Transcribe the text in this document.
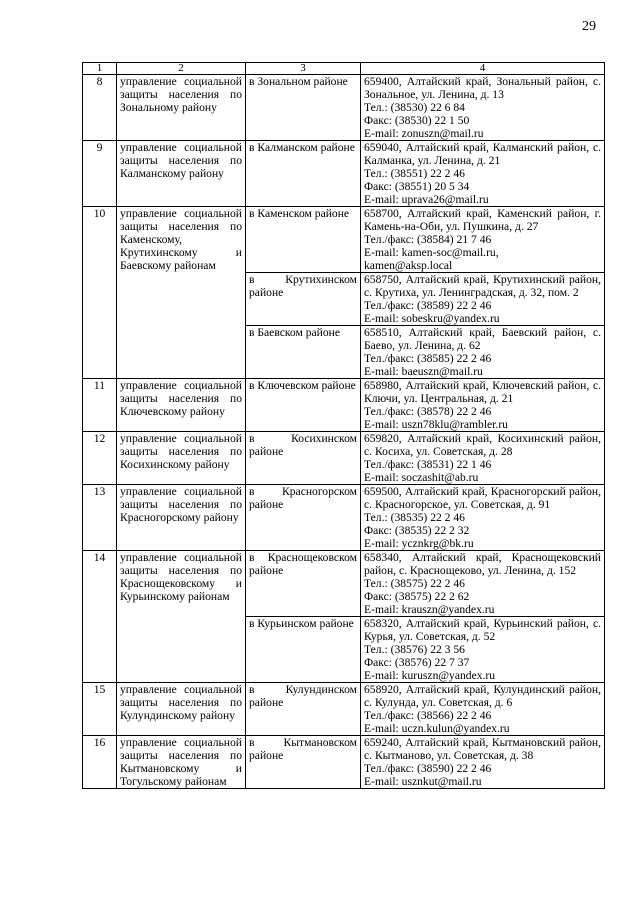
29
1	2	3	4
8	управление социальной защиты населения по Зональному району	в Зональном районе	659400, Алтайский край, Зональный район, с. Зональное, ул. Ленина, д. 13
Тел.: (38530) 22 6 84
Факс: (38530) 22 1 50
E-mail: zonuszn@mail.ru

9	управление социальной защиты населения по Калманскому району	в Калманском районе	659040, Алтайский край, Калманский район, с. Калманка, ул. Ленина, д. 21
Тел.: (38551) 22 2 46
Факс: (38551) 20 5 34
E-mail: uprava26@mail.ru

10	управление социальной защиты населения по Каменскому, Крутихинскому и Баевскому районам	в Каменском районе	658700, Алтайский край, Каменский район, г. Камень-на-Оби, ул. Пушкина, д. 27
Тел./факс: (38584) 21 7 46
E-mail: kamen-soc@mail.ru,
kamen@aksp.local

		в Крутихинском районе	658750, Алтайский край, Крутихинский район, с. Крутиха, ул. Ленинградская, д. 32, пом. 2
Тел./факс: (38589) 22 2 46
E-mail: sobeskru@yandex.ru

		в Баевском районе	658510, Алтайский край, Баевский район, с. Баево, ул. Ленина, д. 62
Тел./факс: (38585) 22 2 46
E-mail: baeuszn@mail.ru

11	управление социальной защиты населения по Ключевскому району	в Ключевском районе	658980, Алтайский край, Ключевский район, с. Ключи, ул. Центральная, д. 21
Тел./факс: (38578) 22 2 46
E-mail: uszn78klu@rambler.ru

12	управление социальной защиты населения по Косихинскому району	в Косихинском районе	659820, Алтайский край, Косихинский район, с. Косиха, ул. Советская, д. 28
Тел./факс: (38531) 22 1 46
E-mail: soczashit@ab.ru

13	управление социальной защиты населения по Красногорскому району	в Красногорском районе	659500, Алтайский край, Красногорский район, с. Красногорское, ул. Советская, д. 91
Тел.: (38535) 22 2 46
Факс: (38535) 22 2 32
E-mail: ycznkrg@bk.ru

14	управление социальной защиты населения по Краснощековскому и Курьинскому районам	в Краснощековском районе	658340, Алтайский край, Краснощековский район, с. Краснощеково, ул. Ленина, д. 152
Тел.: (38575) 22 2 46
Факс: (38575) 22 2 62
E-mail: krauszn@yandex.ru

		в Курьинском районе	658320, Алтайский край, Курьинский район, с. Курья, ул. Советская, д. 52
Тел.: (38576) 22 3 56
Факс: (38576) 22 7 37
E-mail: kuruszn@yandex.ru

15	управление социальной защиты населения по Кулундинскому району	в Кулундинском районе	658920, Алтайский край, Кулундинский район, с. Кулунда, ул. Советская, д. 6
Тел./факс: (38566) 22 2 46
E-mail: uczn.kulun@yandex.ru

16	управление социальной защиты населения по Кытмановскому и Тогульскому районам	в Кытмановском районе	659240, Алтайский край, Кытмановский район, с. Кытманово, ул. Советская, д. 38
Тел./факс: (38590) 22 2 46
E-mail: usznkut@mail.ru
